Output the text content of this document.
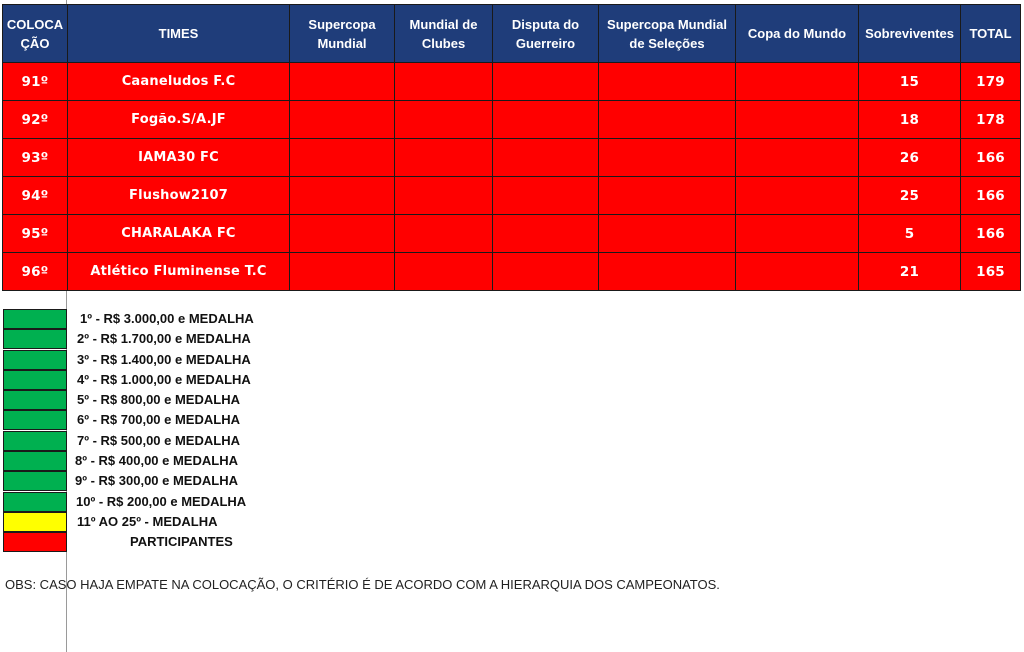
COLOCA ÇÃO	TIMES	Supercopa Mundial	Mundial de Clubes	Disputa do Guerreiro	Supercopa Mundial de Seleções	Copa do Mundo	Sobreviventes	TOTAL
91º	Caaneludos F.C						15	179
92º	Fogão.S/A.JF						18	178
93º	IAMA30 FC						26	166
94º	Flushow2107						25	166
95º	CHARALAKA FC						5	166
96º	Atlético Fluminense T.C						21	165
1º - R$ 3.000,00 e MEDALHA
2º - R$ 1.700,00 e MEDALHA
3º - R$ 1.400,00 e MEDALHA
4º - R$ 1.000,00 e MEDALHA
5º - R$ 800,00 e MEDALHA
6º - R$ 700,00 e MEDALHA
7º - R$ 500,00 e MEDALHA
8º - R$ 400,00 e MEDALHA
9º - R$ 300,00 e MEDALHA
10º - R$ 200,00 e MEDALHA
11º AO 25º - MEDALHA
PARTICIPANTES
OBS: CASO HAJA EMPATE NA COLOCAÇÃO, O CRITÉRIO É DE ACORDO COM A HIERARQUIA DOS CAMPEONATOS.
